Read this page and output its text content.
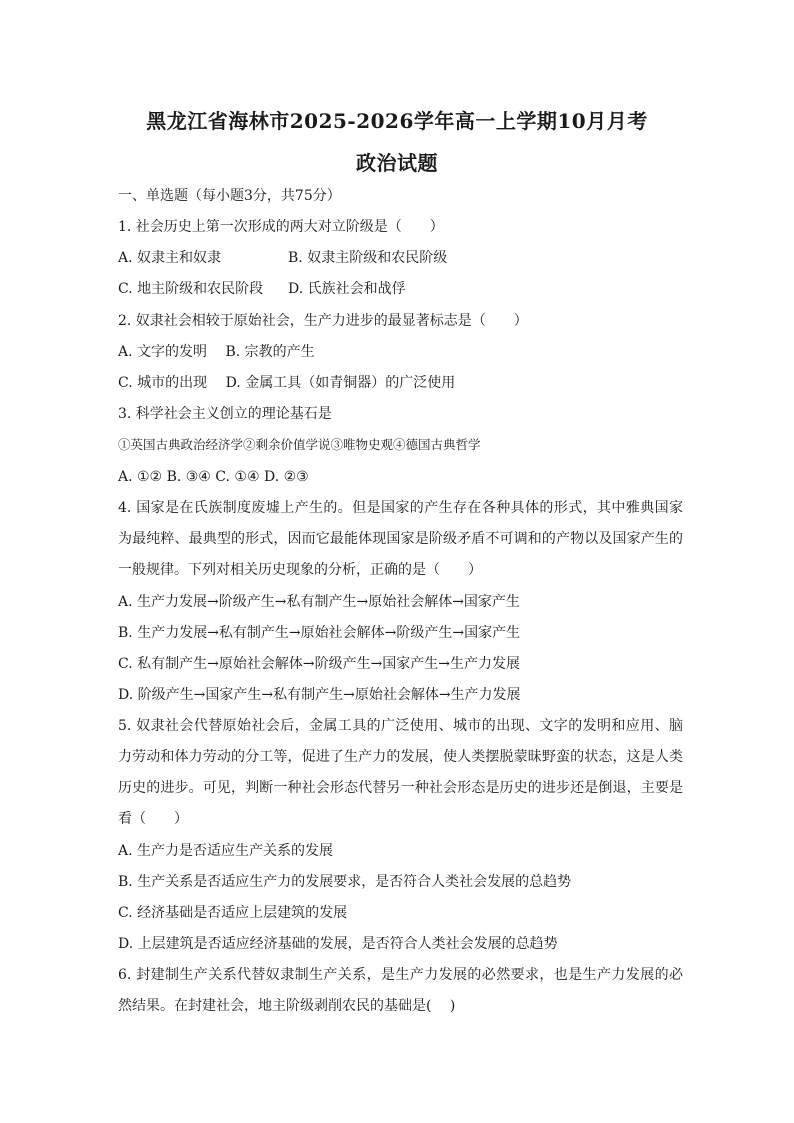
黑龙江省海林市2025-2026学年高一上学期10月月考
政治试题
一、单选题（每小题3分，共75分）
1. 社会历史上第一次形成的两大对立阶级是（　　）
A. 奴隶主和奴隶	B. 奴隶主阶级和农民阶级
C. 地主阶级和农民阶段 D. 氏族社会和战俘
2. 奴隶社会相较于原始社会，生产力进步的最显著标志是（　　）
A. 文字的发明　 B. 宗教的产生
C. 城市的出现　 D. 金属工具（如青铜器）的广泛使用
3. 科学社会主义创立的理论基石是
①英国古典政治经济学②剩余价值学说③唯物史观④德国古典哲学
A. ①② B. ③④ C. ①④ D. ②③
4. 国家是在氏族制度废墟上产生的。但是国家的产生存在各种具体的形式，其中雅典国家
为最纯粹、最典型的形式，因而它最能体现国家是阶级矛盾不可调和的产物以及国家产生的
一般规律。下列对相关历史现象的分析，正确的是（　　）
A. 生产力发展→阶级产生→私有制产生→原始社会解体→国家产生
B. 生产力发展→私有制产生→原始社会解体→阶级产生→国家产生
C. 私有制产生→原始社会解体→阶级产生→国家产生→生产力发展
D. 阶级产生→国家产生→私有制产生→原始社会解体→生产力发展
5. 奴隶社会代替原始社会后，金属工具的广泛使用、城市的出现、文字的发明和应用、脑
力劳动和体力劳动的分工等，促进了生产力的发展，使人类摆脱蒙昧野蛮的状态，这是人类
历史的进步。可见，判断一种社会形态代替另一种社会形态是历史的进步还是倒退，主要是
看（　　）
A. 生产力是否适应生产关系的发展
B. 生产关系是否适应生产力的发展要求，是否符合人类社会发展的总趋势
C. 经济基础是否适应上层建筑的发展
D. 上层建筑是否适应经济基础的发展，是否符合人类社会发展的总趋势
6. 封建制生产关系代替奴隶制生产关系，是生产力发展的必然要求，也是生产力发展的必
然结果。在封建社会，地主阶级剥削农民的基础是(　 )
